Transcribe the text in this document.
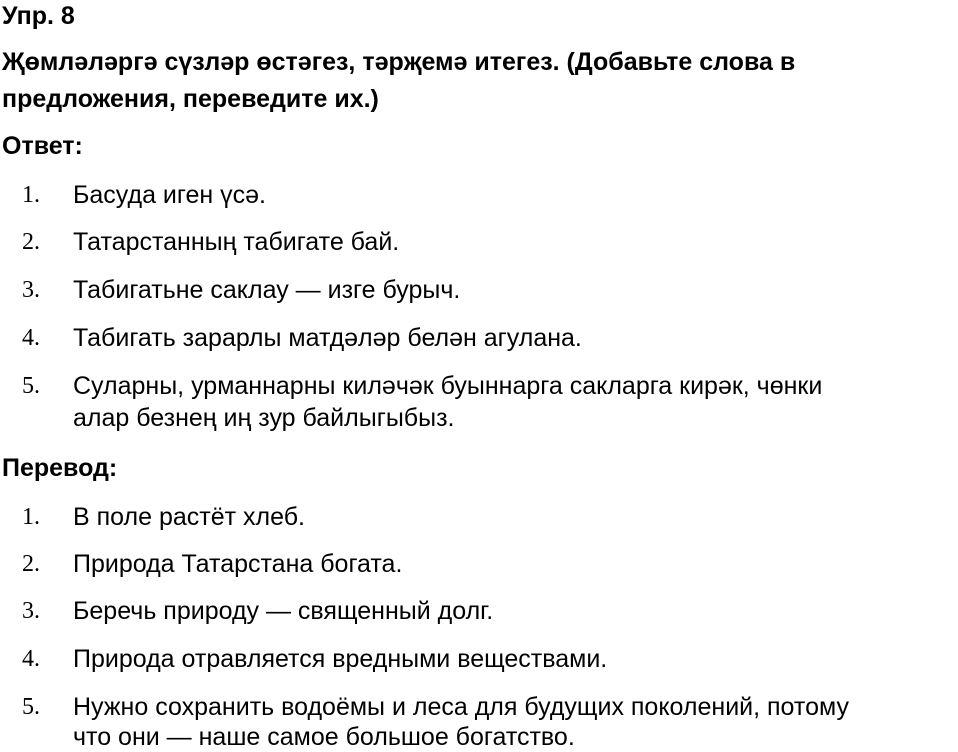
Упр. 8

Җөмләләргә сүзләр өстәгез, тәрҗемә итегез. (Добавьте слова в

предложения, переведите их.)

Ответ:
1. Басуда иген үсә.
2. Татарстанның табигате бай.
3. Табигатьне саклау — изге бурыч.
4. Табигать зарарлы матдәләр белән агулана.
5. Суларны, урманнарны киләчәк буыннарга сакларга кирәк, чөнки
алар безнең иң зур байлыгыбыз.
Перевод:
1. В поле растёт хлеб.
2. Природа Татарстана богата.
3. Беречь природу — священный долг.
4. Природа отравляется вредными веществами.
5. Нужно сохранить водоёмы и леса для будущих поколений, потому
что они — наше самое большое богатство.
